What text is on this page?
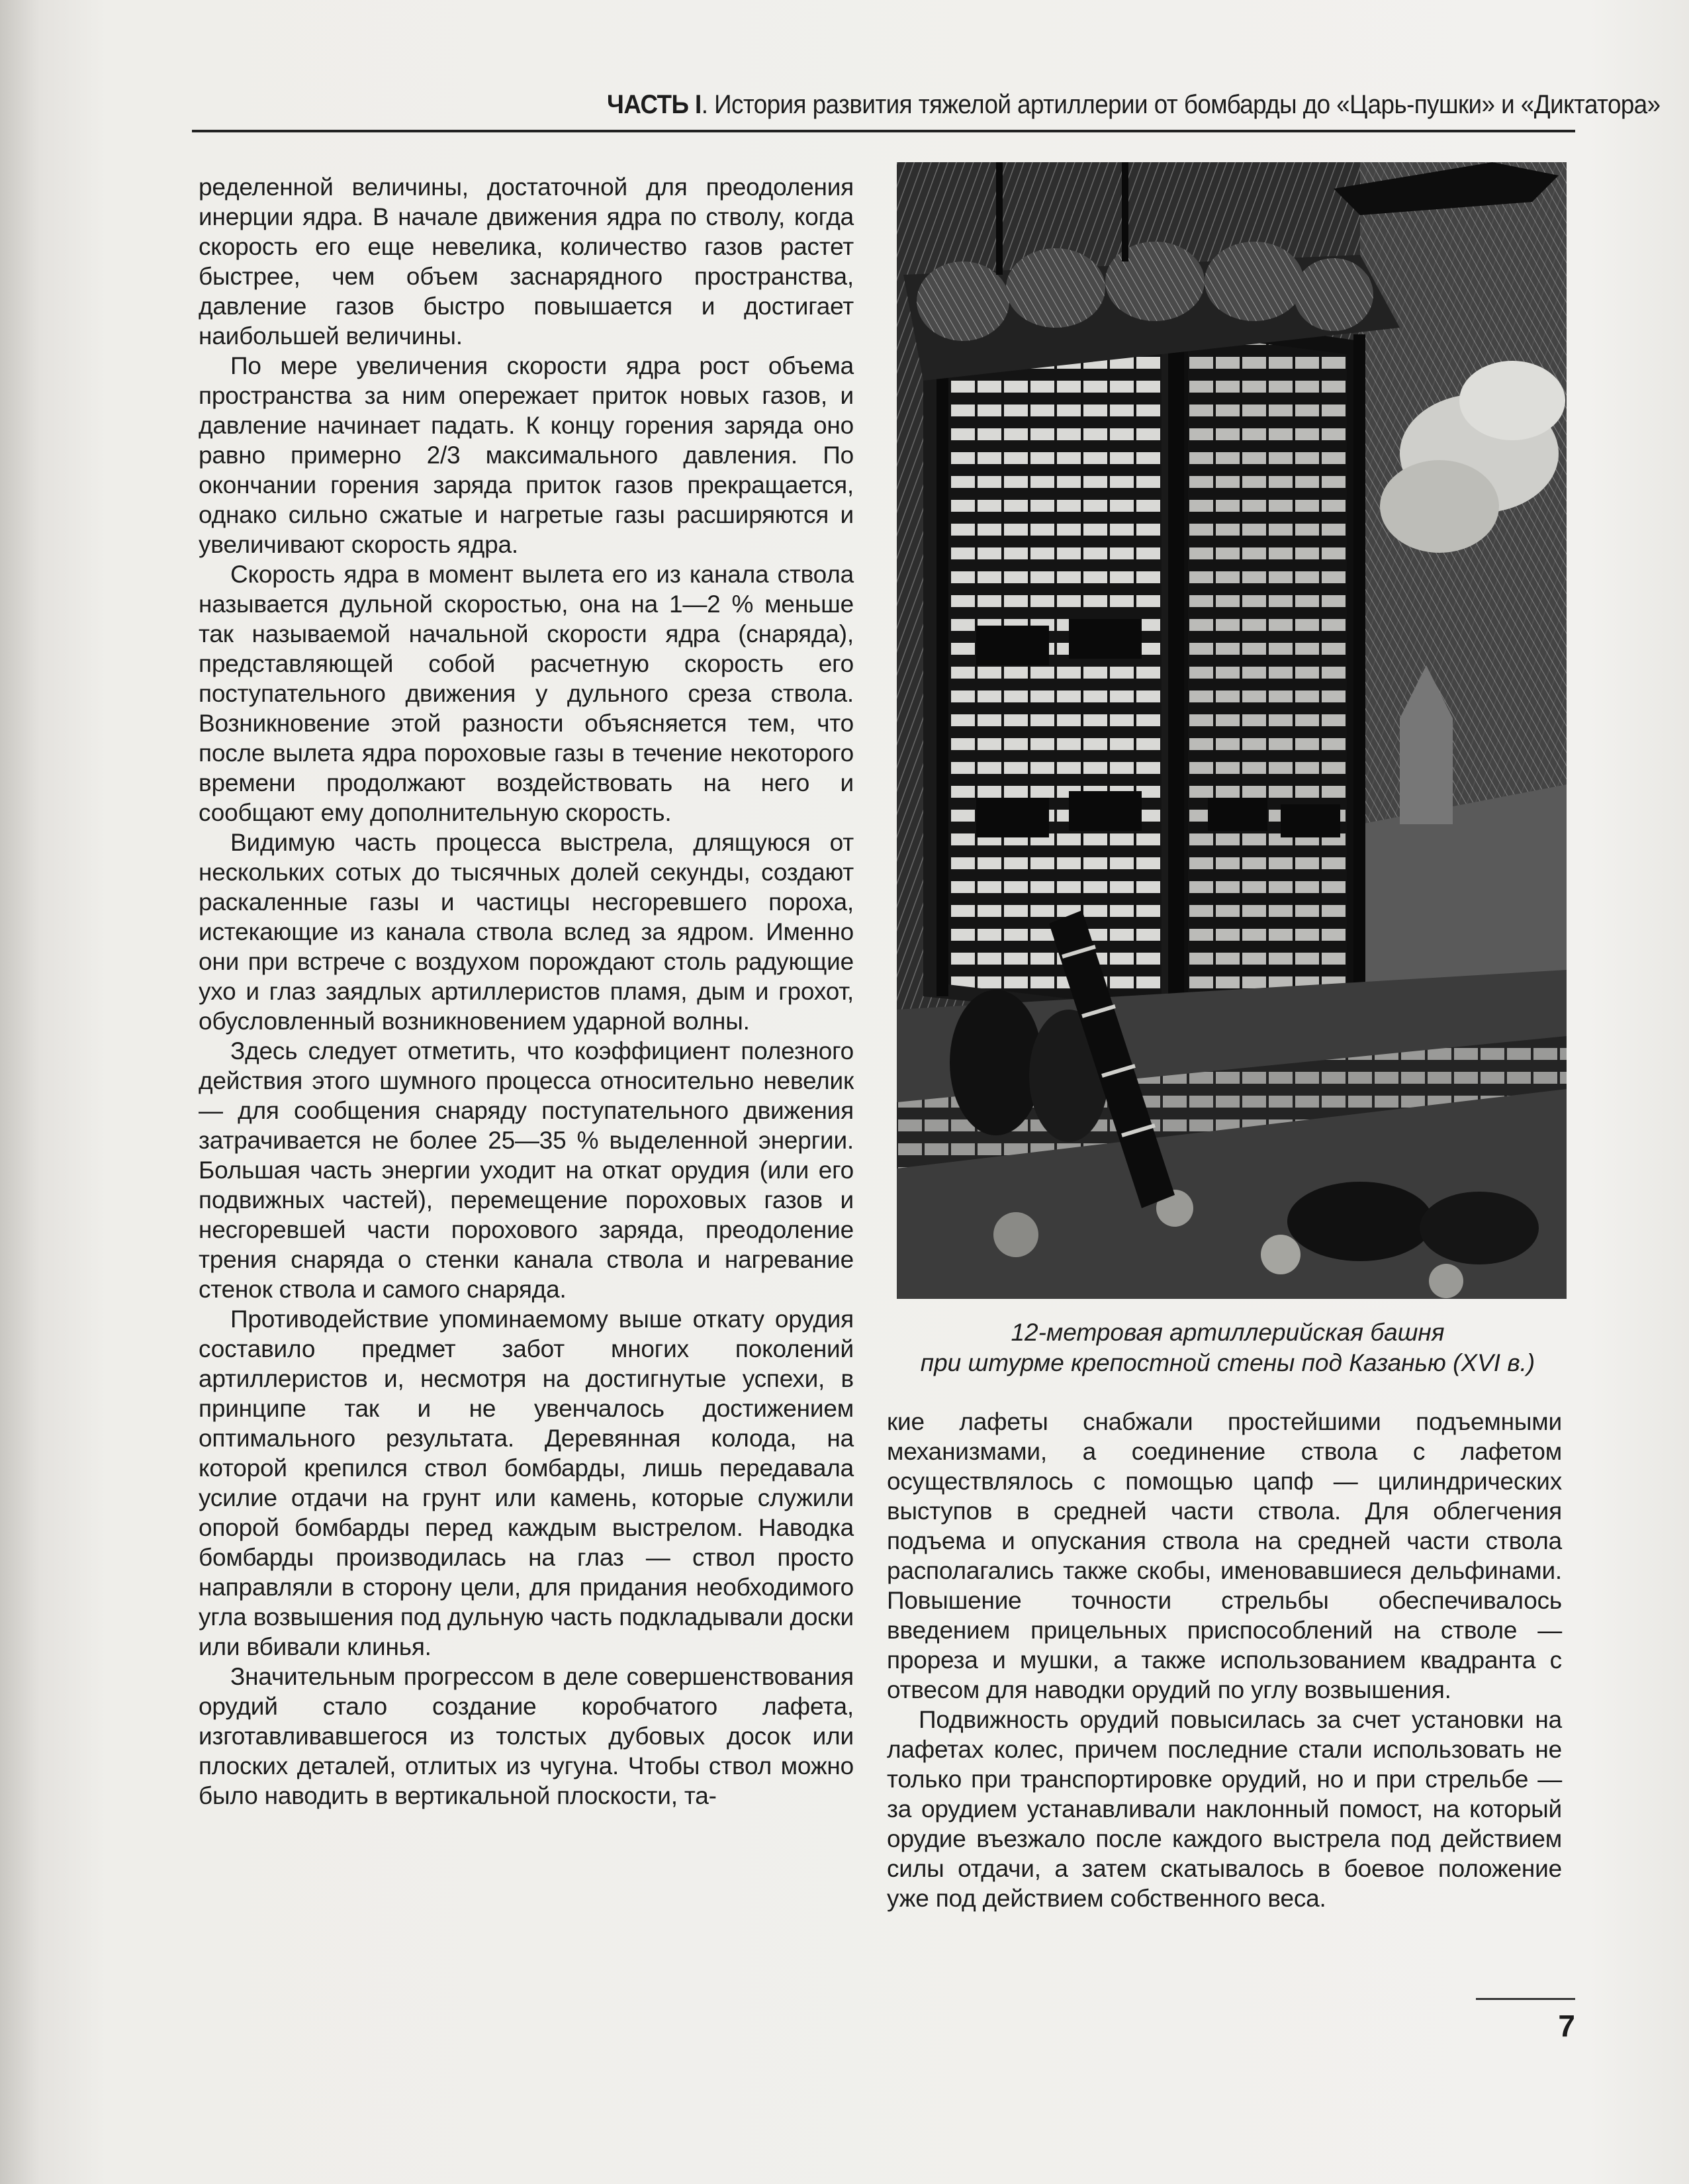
ЧАСТЬ I. История развития тяжелой артиллерии от бомбарды до «Царь-пушки» и «Диктатора»

ределенной величины, достаточной для преодоления инерции ядра. В начале движения ядра по стволу, когда скорость его еще невелика, количество газов растет быстрее, чем объем заснарядного пространства, давление газов быстро повышается и достигает наибольшей величины.

По мере увеличения скорости ядра рост объема пространства за ним опережает приток новых газов, и давление начинает падать. К концу горения заряда оно равно примерно 2/3 максимального давления. По окончании горения заряда приток газов прекращается, однако сильно сжатые и нагретые газы расширяются и увеличивают скорость ядра.

Скорость ядра в момент вылета его из канала ствола называется дульной скоростью, она на 1—2 % меньше так называемой начальной скорости ядра (снаряда), представляющей собой расчетную скорость его поступательного движения у дульного среза ствола. Возникновение этой разности объясняется тем, что после вылета ядра пороховые газы в течение некоторого времени продолжают воздействовать на него и сообщают ему дополнительную скорость.

Видимую часть процесса выстрела, длящуюся от нескольких сотых до тысячных долей секунды, создают раскаленные газы и частицы несгоревшего пороха, истекающие из канала ствола вслед за ядром. Именно они при встрече с воздухом порождают столь радующие ухо и глаз заядлых артиллеристов пламя, дым и грохот, обусловленный возникновением ударной волны.

Здесь следует отметить, что коэффициент полезного действия этого шумного процесса относительно невелик — для сообщения снаряду поступательного движения затрачивается не более 25—35 % выделенной энергии. Большая часть энергии уходит на откат орудия (или его подвижных частей), перемещение пороховых газов и несгоревшей части порохового заряда, преодоление трения снаряда о стенки канала ствола и нагревание стенок ствола и самого снаряда.

Противодействие упоминаемому выше откату орудия составило предмет забот многих поколений артиллеристов и, несмотря на достигнутые успехи, в принципе так и не увенчалось достижением оптимального результата. Деревянная колода, на которой крепился ствол бомбарды, лишь передавала усилие отдачи на грунт или камень, которые служили опорой бомбарды перед каждым выстрелом. Наводка бомбарды производилась на глаз — ствол просто направляли в сторону цели, для придания необходимого угла возвышения под дульную часть подкладывали доски или вбивали клинья.

Значительным прогрессом в деле совершенствования орудий стало создание коробчатого лафета, изготавливавшегося из толстых дубовых досок или плоских деталей, отлитых из чугуна. Чтобы ствол можно было наводить в вертикальной плоскости, та-

12-метровая артиллерийская башня
при штурме крепостной стены под Казанью (XVI в.)

кие лафеты снабжали простейшими подъемными механизмами, а соединение ствола с лафетом осуществлялось с помощью цапф — цилиндрических выступов в средней части ствола. Для облегчения подъема и опускания ствола на средней части ствола располагались также скобы, именовавшиеся дельфинами. Повышение точности стрельбы обеспечивалось введением прицельных приспособлений на стволе — прореза и мушки, а также использованием квадранта с отвесом для наводки орудий по углу возвышения.

Подвижность орудий повысилась за счет установки на лафетах колес, причем последние стали использовать не только при транспортировке орудий, но и при стрельбе — за орудием устанавливали наклонный помост, на который орудие въезжало после каждого выстрела под действием силы отдачи, а затем скатывалось в боевое положение уже под действием собственного веса.

7
